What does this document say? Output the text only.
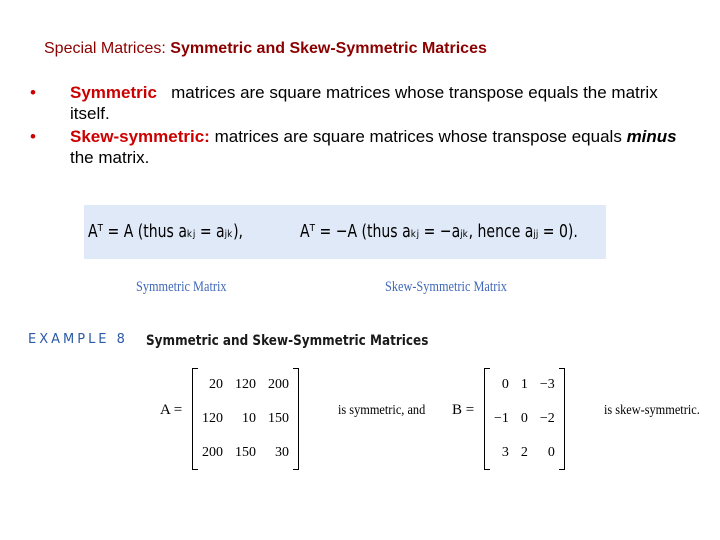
Special Matrices: Symmetric and Skew-Symmetric Matrices
• Symmetric matrices are square matrices whose transpose equals the matrix itself.
• Skew-symmetric: matrices are square matrices whose transpose equals minus the matrix.
Aᵀ = A (thus aₖⱼ = aⱼₖ),	Aᵀ = −A (thus aₖⱼ = −aⱼₖ, hence aⱼⱼ = 0).
Symmetric Matrix	Skew-Symmetric Matrix
EXAMPLE 8 Symmetric and Skew-Symmetric Matrices
A =
20	120	200
120	10	150
200	150	30
is symmetric, and B =
0	1	−3
−1	0	−2
3	2	0
is skew-symmetric.
